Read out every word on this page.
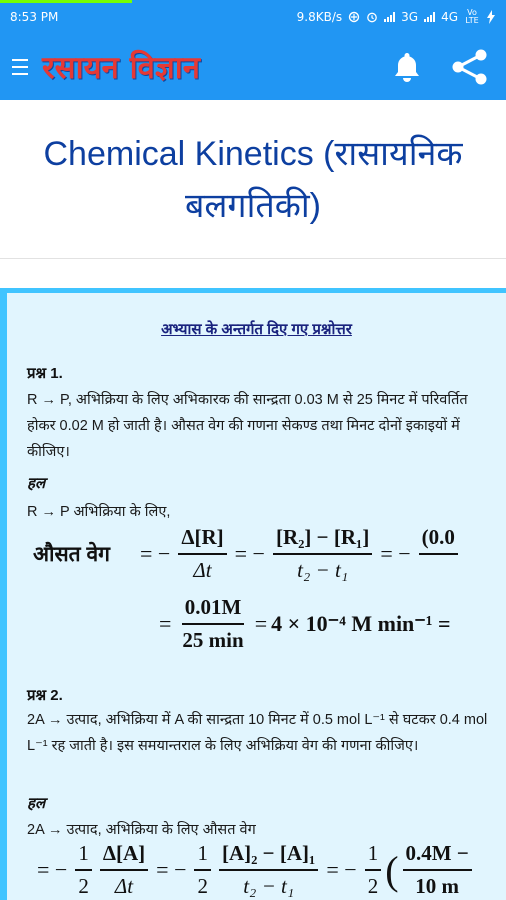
8:53 PM	9.8KB/s	3G 4G	Vo LTE
रसायन विज्ञान
Chemical Kinetics (रासायनिक बलगतिकी)
अभ्यास के अन्तर्गत दिए गए प्रश्नोत्तर
प्रश्न 1.
R → P, अभिक्रिया के लिए अभिकारक की सान्द्रता 0.03 M से 25 मिनट में परिवर्तित होकर 0.02 M हो जाती है। औसत वेग की गणना सेकण्ड तथा मिनट दोनों इकाइयों में कीजिए।
हल
R → P अभिक्रिया के लिए,
औसत वेग = − $\frac{\Delta[R]}{\Delta t}$ = − $\frac{\text{[R₂] − [R₁]}}{\text{t₂ − t₁}}$ = −
(0.0

= $\frac{0.01M}{25 \min} = 4 \times 10^{-4}$ M min⁻¹ =
प्रश्न 2.
2A → उत्पाद, अभिक्रिया में A की सान्द्रता 10 मिनट में 0.5 mol L⁻¹ से घटकर 0.4 mol L⁻¹ रह जाती है। इस समयान्तराल के लिए अभिक्रिया वेग की गणना कीजिए।
हल
2A → उत्पाद, अभिक्रिया के लिए औसत वेग
= − $\frac{1}{2} \frac{\Delta[A]}{\Delta t}$ = − $\frac{1}{2} \frac{\text{[A]₂ − [A]₁}}{\text{t₂ − t₁}}$ = − $\frac{1}{2}$ ( $\frac{0.4M -}{10 m}$
